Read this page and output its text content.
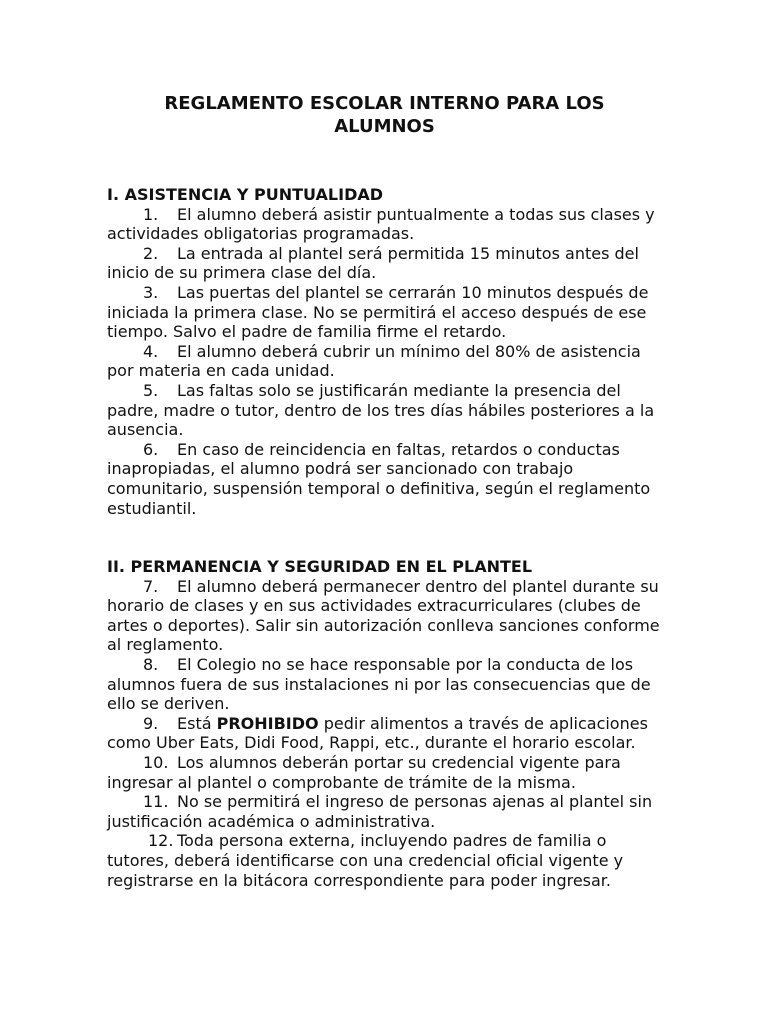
REGLAMENTO ESCOLAR INTERNO PARA LOS ALUMNOS
I. ASISTENCIA Y PUNTUALIDAD
1. El alumno deberá asistir puntualmente a todas sus clases y actividades obligatorias programadas.
2. La entrada al plantel será permitida 15 minutos antes del inicio de su primera clase del día.
3. Las puertas del plantel se cerrarán 10 minutos después de iniciada la primera clase. No se permitirá el acceso después de ese tiempo. Salvo el padre de familia firme el retardo.
4. El alumno deberá cubrir un mínimo del 80% de asistencia por materia en cada unidad.
5. Las faltas solo se justificarán mediante la presencia del padre, madre o tutor, dentro de los tres días hábiles posteriores a la ausencia.
6. En caso de reincidencia en faltas, retardos o conductas inapropiadas, el alumno podrá ser sancionado con trabajo comunitario, suspensión temporal o definitiva, según el reglamento estudiantil.
II. PERMANENCIA Y SEGURIDAD EN EL PLANTEL
7. El alumno deberá permanecer dentro del plantel durante su horario de clases y en sus actividades extracurriculares (clubes de artes o deportes). Salir sin autorización conlleva sanciones conforme al reglamento.
8. El Colegio no se hace responsable por la conducta de los alumnos fuera de sus instalaciones ni por las consecuencias que de ello se deriven.
9. Está PROHIBIDO pedir alimentos a través de aplicaciones como Uber Eats, Didi Food, Rappi, etc., durante el horario escolar.
10. Los alumnos deberán portar su credencial vigente para ingresar al plantel o comprobante de trámite de la misma.
11. No se permitirá el ingreso de personas ajenas al plantel sin justificación académica o administrativa.
12. Toda persona externa, incluyendo padres de familia o tutores, deberá identificarse con una credencial oficial vigente y registrarse en la bitácora correspondiente para poder ingresar.
